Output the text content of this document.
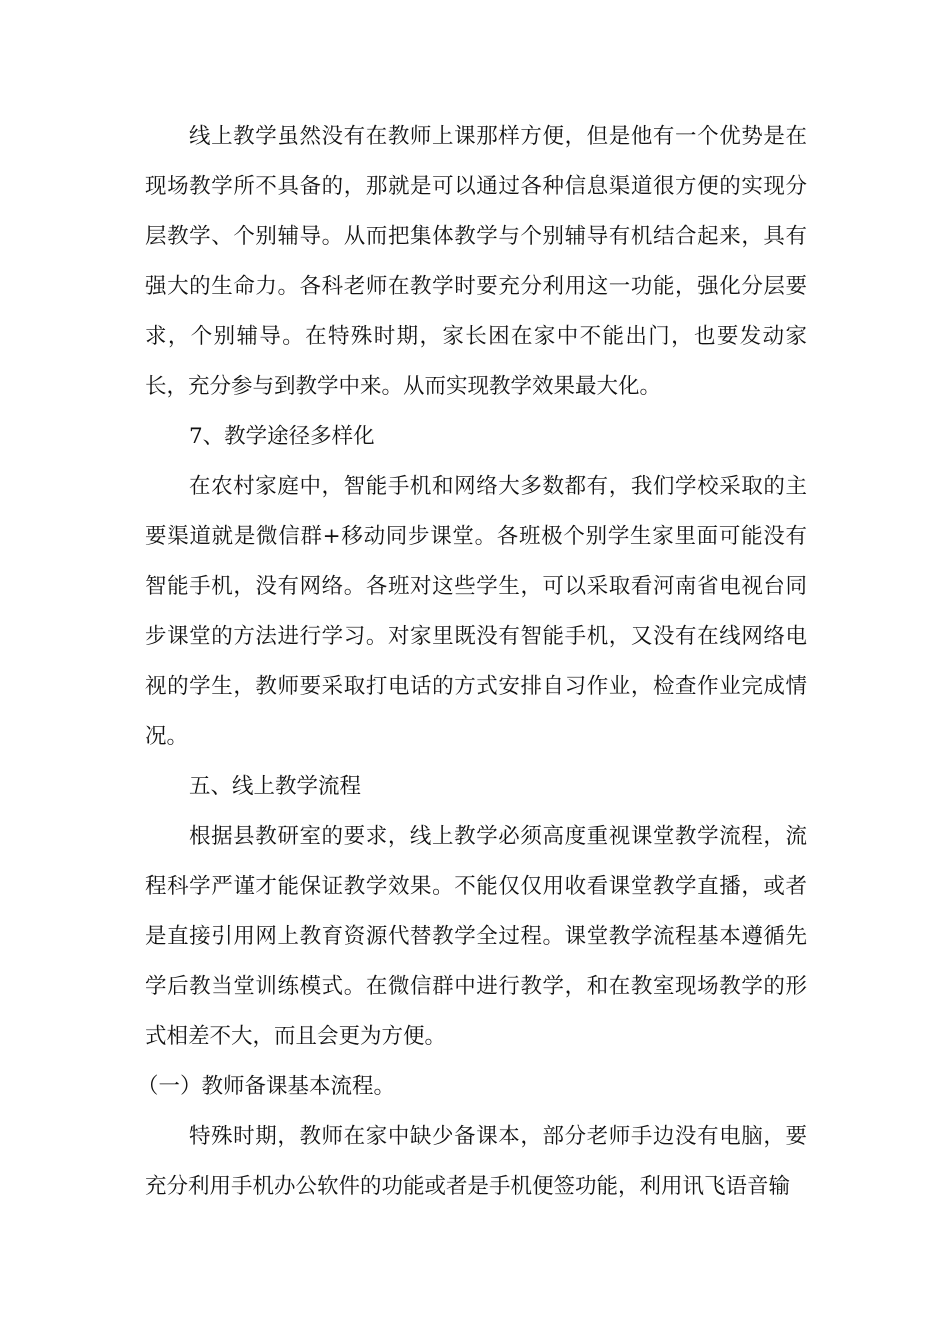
线上教学虽然没有在教师上课那样方便，但是他有一个优势是在现场教学所不具备的，那就是可以通过各种信息渠道很方便的实现分层教学、个别辅导。从而把集体教学与个别辅导有机结合起来，具有强大的生命力。各科老师在教学时要充分利用这一功能，强化分层要求，个别辅导。在特殊时期，家长困在家中不能出门，也要发动家长，充分参与到教学中来。从而实现教学效果最大化。

7、教学途径多样化

在农村家庭中，智能手机和网络大多数都有，我们学校采取的主要渠道就是微信群+移动同步课堂。各班极个别学生家里面可能没有智能手机，没有网络。各班对这些学生，可以采取看河南省电视台同步课堂的方法进行学习。对家里既没有智能手机，又没有在线网络电视的学生，教师要采取打电话的方式安排自习作业，检查作业完成情况。

五、线上教学流程

根据县教研室的要求，线上教学必须高度重视课堂教学流程，流程科学严谨才能保证教学效果。不能仅仅用收看课堂教学直播，或者是直接引用网上教育资源代替教学全过程。课堂教学流程基本遵循先学后教当堂训练模式。在微信群中进行教学，和在教室现场教学的形式相差不大，而且会更为方便。

（一）教师备课基本流程。

特殊时期，教师在家中缺少备课本，部分老师手边没有电脑，要充分利用手机办公软件的功能或者是手机便签功能，利用讯飞语音输
